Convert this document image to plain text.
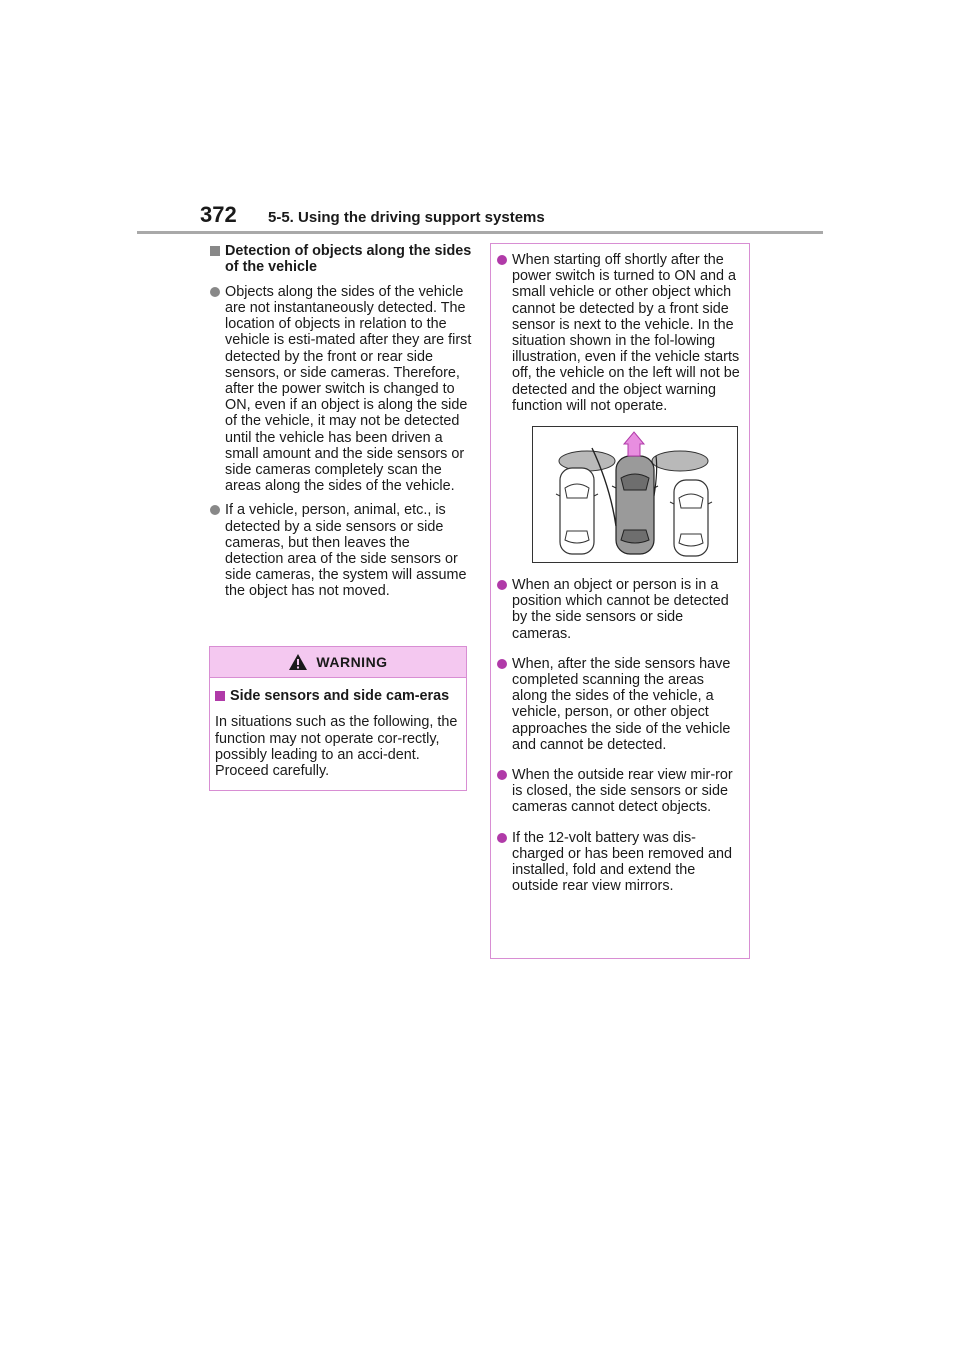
372 5-5. Using the driving support systems
Detection of objects along the sides of the vehicle
Objects along the sides of the vehicle are not instantaneously detected. The location of objects in relation to the vehicle is esti-mated after they are first detected by the front or rear side sensors, or side cameras. Therefore, after the power switch is changed to ON, even if an object is along the side of the vehicle, it may not be detected until the vehicle has been driven a small amount and the side sensors or side cameras completely scan the areas along the sides of the vehicle.
If a vehicle, person, animal, etc., is detected by a side sensors or side cameras, but then leaves the detection area of the side sensors or side cameras, the system will assume the object has not moved.
WARNING
Side sensors and side cam-eras

In situations such as the following, the function may not operate cor-rectly, possibly leading to an acci-dent. Proceed carefully.

When starting off shortly after the power switch is turned to ON and a small vehicle or other object which cannot be detected by a front side sensor is next to the vehicle. In the situation shown in the fol-lowing illustration, even if the vehicle starts off, the vehicle on the left will not be detected and the object warning function will not operate.
When an object or person is in a position which cannot be detected by the side sensors or side cameras.
When, after the side sensors have completed scanning the areas along the sides of the vehicle, a vehicle, person, or other object approaches the side of the vehicle and cannot be detected.
When the outside rear view mir-ror is closed, the side sensors or side cameras cannot detect objects.
If the 12-volt battery was dis-charged or has been removed and installed, fold and extend the outside rear view mirrors.
